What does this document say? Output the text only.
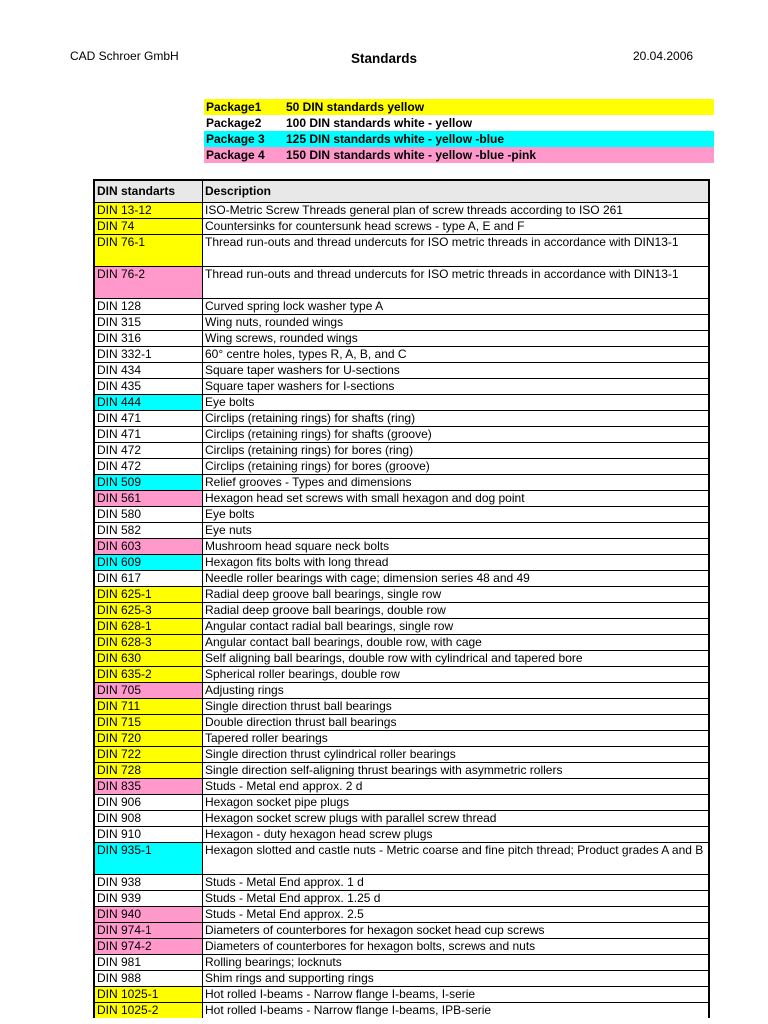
CAD Schroer GmbH	Standards	20.04.2006
Package1 50 DIN standards yellow
Package2 100 DIN standards white - yellow
Package 3 125 DIN standards white - yellow -blue
Package 4 150 DIN standards white - yellow -blue -pink
DIN standarts	Description
DIN 13-12	ISO-Metric Screw Threads general plan of screw threads according to ISO 261
DIN 74	Countersinks for countersunk head screws - type A, E and F
DIN 76-1	Thread run-outs and thread undercuts for ISO metric threads in accordance with DIN13-1
DIN 76-2	Thread run-outs and thread undercuts for ISO metric threads in accordance with DIN13-1
DIN 128	Curved spring lock washer type A
DIN 315	Wing nuts, rounded wings
DIN 316	Wing screws, rounded wings
DIN 332-1	60° centre holes, types R, A, B, and C
DIN 434	Square taper washers for U-sections
DIN 435	Square taper washers for I-sections
DIN 444	Eye bolts
DIN 471	Circlips (retaining rings) for shafts (ring)
DIN 471	Circlips (retaining rings) for shafts (groove)
DIN 472	Circlips (retaining rings) for bores (ring)
DIN 472	Circlips (retaining rings) for bores (groove)
DIN 509	Relief grooves - Types and dimensions
DIN 561	Hexagon head set screws with small hexagon and dog point
DIN 580	Eye bolts
DIN 582	Eye nuts
DIN 603	Mushroom head square neck bolts
DIN 609	Hexagon fits bolts with long thread
DIN 617	Needle roller bearings with cage; dimension series 48 and 49
DIN 625-1	Radial deep groove ball bearings, single row
DIN 625-3	Radial deep groove ball bearings, double row
DIN 628-1	Angular contact radial ball bearings, single row
DIN 628-3	Angular contact ball bearings, double row, with cage
DIN 630	Self aligning ball bearings, double row with cylindrical and tapered bore
DIN 635-2	Spherical roller bearings, double row
DIN 705	Adjusting rings
DIN 711	Single direction thrust ball bearings
DIN 715	Double direction thrust ball bearings
DIN 720	Tapered roller bearings
DIN 722	Single direction thrust cylindrical roller bearings
DIN 728	Single direction self-aligning thrust bearings with asymmetric rollers
DIN 835	Studs - Metal end approx. 2 d
DIN 906	Hexagon socket pipe plugs
DIN 908	Hexagon socket screw plugs with parallel screw thread
DIN 910	Hexagon - duty hexagon head screw plugs
DIN 935-1	Hexagon slotted and castle nuts - Metric coarse and fine pitch thread; Product grades A and B
DIN 938	Studs - Metal End approx. 1 d
DIN 939	Studs - Metal End approx. 1.25 d
DIN 940	Studs - Metal End approx. 2.5
DIN 974-1	Diameters of counterbores for hexagon socket head cup screws
DIN 974-2	Diameters of counterbores for hexagon bolts, screws and nuts
DIN 981	Rolling bearings; locknuts
DIN 988	Shim rings and supporting rings
DIN 1025-1	Hot rolled I-beams - Narrow flange I-beams, I-serie
DIN 1025-2	Hot rolled I-beams - Narrow flange I-beams, IPB-serie
